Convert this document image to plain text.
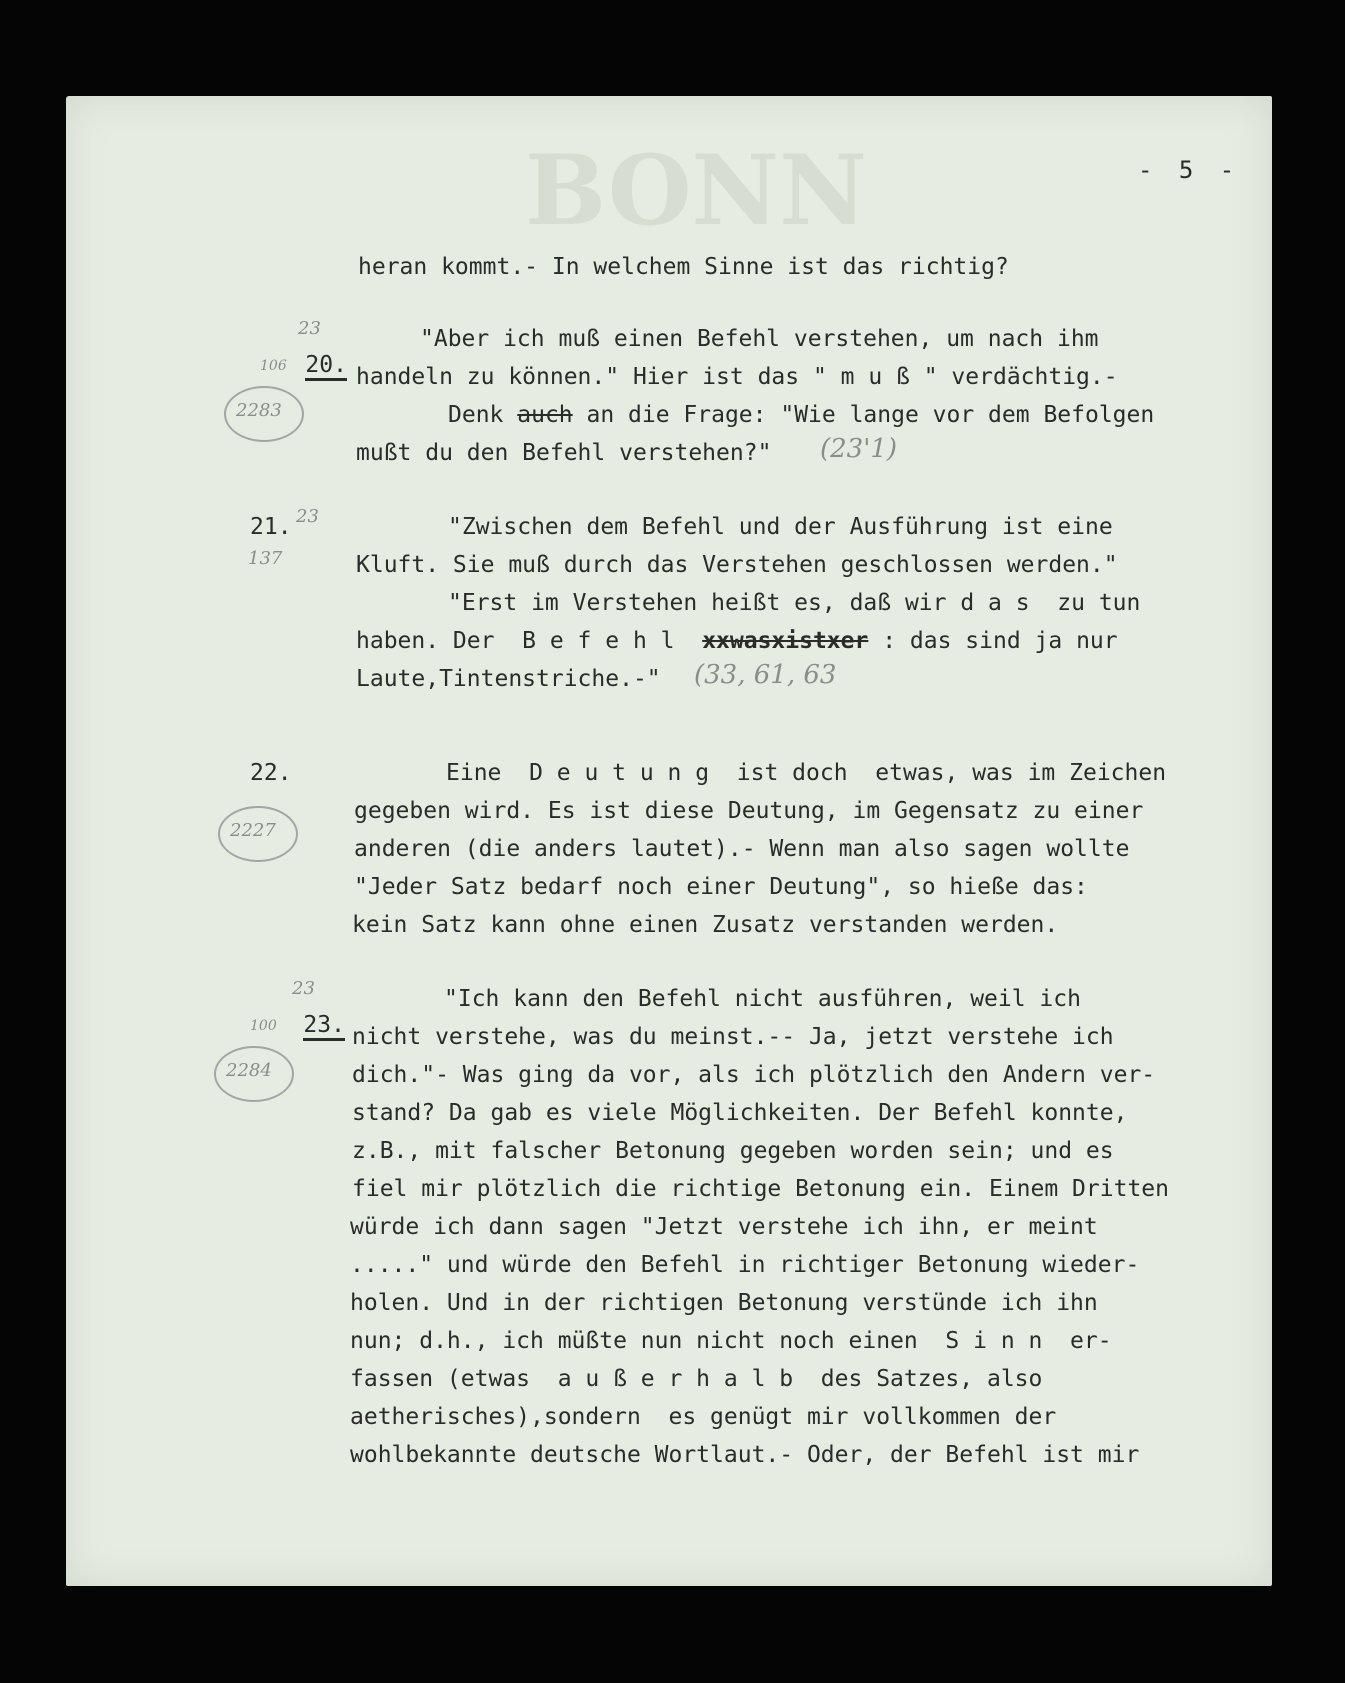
BONN	- 5 -
heran kommt.- In welchem Sinne ist das richtig?

20.

23
106
2283
"Aber ich muß einen Befehl verstehen, um nach ihm
handeln zu können." Hier ist das " m u ß " verdächtig.-
Denk auch an die Frage: "Wie lange vor dem Befolgen
mußt du den Befehl verstehen?" (23'1)
21. 23
137
"Zwischen dem Befehl und der Ausführung ist eine
Kluft. Sie muß durch das Verstehen geschlossen werden."
"Erst im Verstehen heißt es, daß wir d a s  zu tun
haben. Der  B e f e h l  xxwasxistxer : das sind ja nur
Laute,Tintenstriche.-" (33, 61, 63
22.
2227
Eine  D e u t u n g  ist doch  etwas, was im Zeichen
gegeben wird. Es ist diese Deutung, im Gegensatz zu einer
anderen (die anders lautet).- Wenn man also sagen wollte
"Jeder Satz bedarf noch einer Deutung", so hieße das:
kein Satz kann ohne einen Zusatz verstanden werden.

23.

23
100
2284
"Ich kann den Befehl nicht ausführen, weil ich
nicht verstehe, was du meinst.-- Ja, jetzt verstehe ich
dich."- Was ging da vor, als ich plötzlich den Andern ver-
stand? Da gab es viele Möglichkeiten. Der Befehl konnte,
z.B., mit falscher Betonung gegeben worden sein; und es
fiel mir plötzlich die richtige Betonung ein. Einem Dritten
würde ich dann sagen "Jetzt verstehe ich ihn, er meint
....." und würde den Befehl in richtiger Betonung wieder-
holen. Und in der richtigen Betonung verstünde ich ihn
nun; d.h., ich müßte nun nicht noch einen  S i n n  er-
fassen (etwas  a u ß e r h a l b  des Satzes, also
aetherisches),sondern  es genügt mir vollkommen der
wohlbekannte deutsche Wortlaut.- Oder, der Befehl ist mir
